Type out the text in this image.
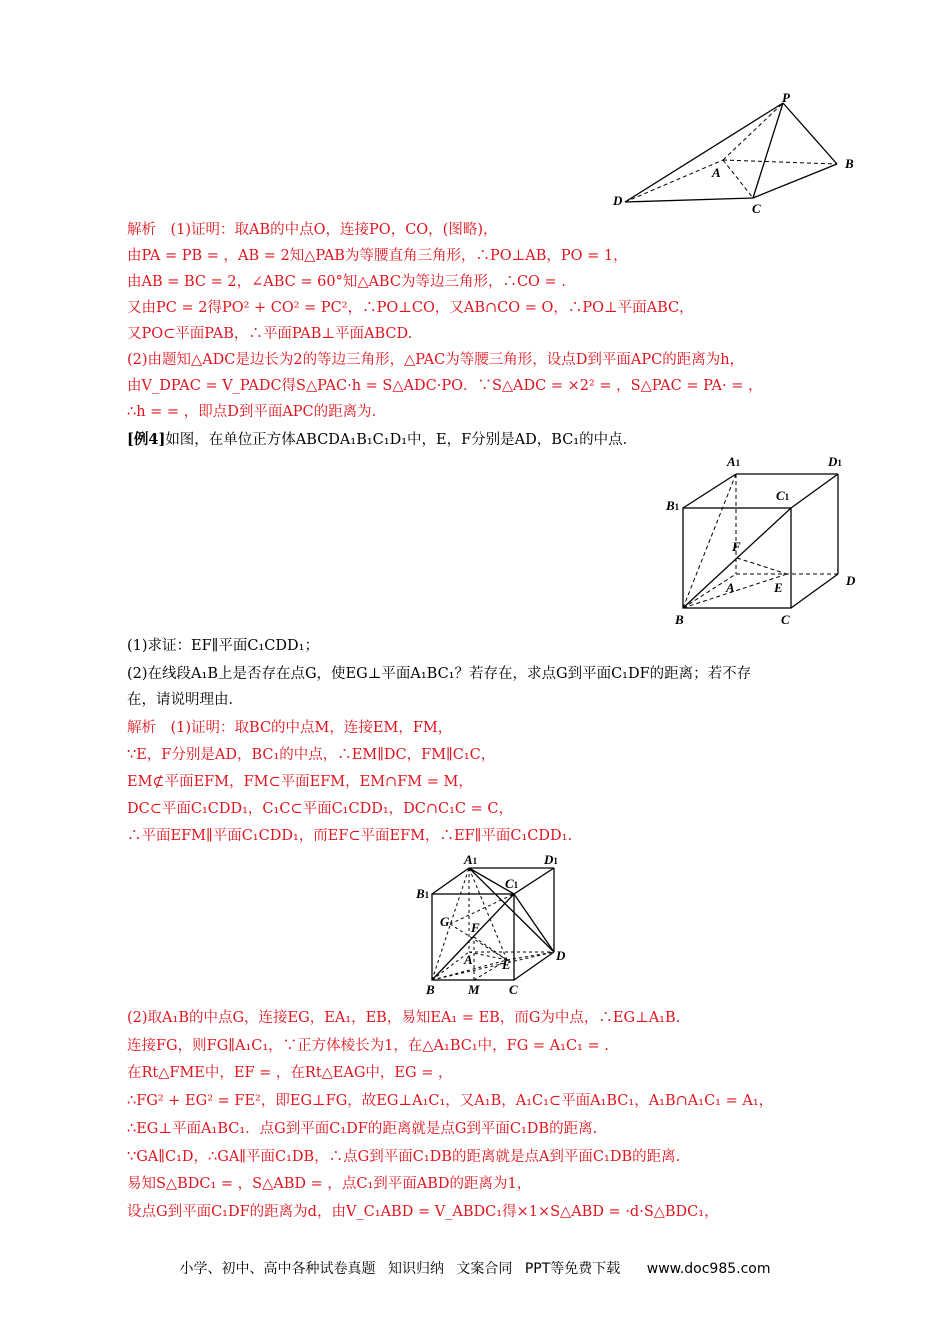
P
A
B
C
D
解析　(1)证明：取AB的中点O，连接PO，CO，(图略)，
由PA = PB = ，AB = 2知△PAB为等腰直角三角形，∴PO⊥AB，PO = 1，
由AB = BC = 2，∠ABC = 60°知△ABC为等边三角形，∴CO = .
又由PC = 2得PO² + CO² = PC²，∴PO⊥CO，又AB∩CO = O，∴PO⊥平面ABC，
又PO⊂平面PAB，∴平面PAB⊥平面ABCD.
(2)由题知△ADC是边长为2的等边三角形，△PAC为等腰三角形，设点D到平面APC的距离为h，
由V_DPAC = V_PADC得S△PAC·h = S△ADC·PO．∵S△ADC = ×2² = ，S△PAC = PA· = ，
∴h = = ，即点D到平面APC的距离为.
[例4]如图，在单位正方体ABCDA₁B₁C₁D₁中，E，F分别是AD，BC₁的中点．
A1	D1
B1
C1
F
A	D
E
B	C
(1)求证：EF∥平面C₁CDD₁；
(2)在线段A₁B上是否存在点G，使EG⊥平面A₁BC₁？若存在，求点G到平面C₁DF的距离；若不存
在，请说明理由．
解析　(1)证明：取BC的中点M，连接EM，FM，
∵E，F分别是AD，BC₁的中点，∴EM∥DC，FM∥C₁C，
EM⊄平面EFM，FM⊂平面EFM，EM∩FM = M，
DC⊂平面C₁CDD₁，C₁C⊂平面C₁CDD₁，DC∩C₁C = C，
∴平面EFM∥平面C₁CDD₁，而EF⊂平面EFM，∴EF∥平面C₁CDD₁.
A1	D1
B1
C1
G F
A E
D
B	M C
(2)取A₁B的中点G，连接EG，EA₁，EB，易知EA₁ = EB，而G为中点，∴EG⊥A₁B.
连接FG，则FG∥A₁C₁，∵正方体棱长为1，在△A₁BC₁中，FG = A₁C₁ = .
在Rt△FME中，EF = ，在Rt△EAG中，EG = ，
∴FG² + EG² = FE²，即EG⊥FG，故EG⊥A₁C₁，又A₁B，A₁C₁⊂平面A₁BC₁，A₁B∩A₁C₁ = A₁，
∴EG⊥平面A₁BC₁．点G到平面C₁DF的距离就是点G到平面C₁DB的距离.
∵GA∥C₁D，∴GA∥平面C₁DB，∴点G到平面C₁DB的距离就是点A到平面C₁DB的距离.
易知S△BDC₁ = ，S△ABD = ，点C₁到平面ABD的距离为1，
设点G到平面C₁DF的距离为d，由V_C₁ABD = V_ABDC₁得×1×S△ABD = ·d·S△BDC₁，
小学、初中、高中各种试卷真题 知识归纳 文案合同 PPT等免费下载 www.doc985.com
